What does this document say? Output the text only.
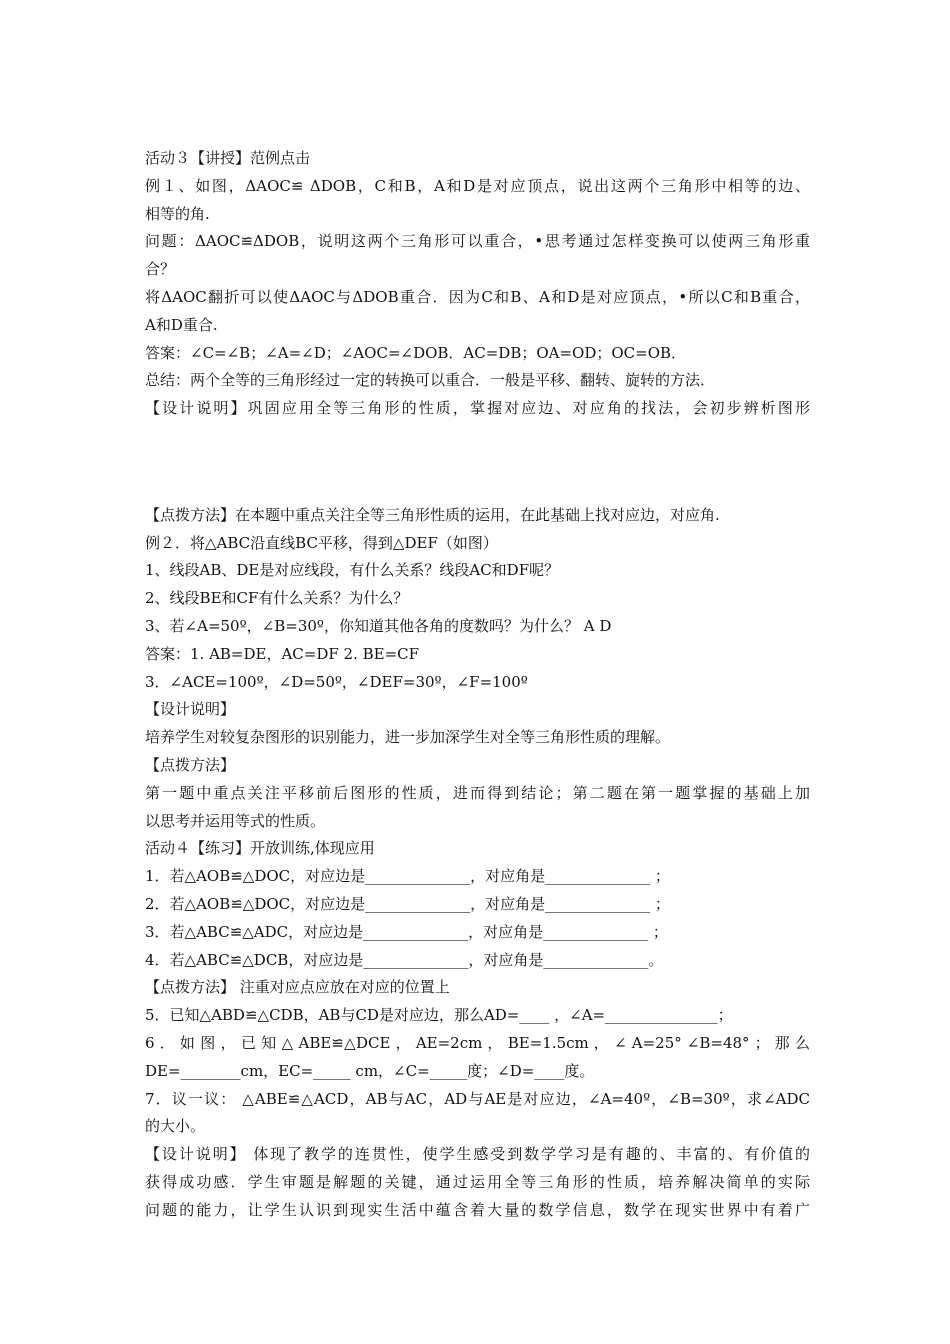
活动３【讲授】范例点击
例１、如图，ΔAOC≌ ΔDOB，C和B，A和D是对应顶点，说出这两个三角形中相等的边、
相等的角.
问题：ΔAOC≌ΔDOB，说明这两个三角形可以重合，•思考通过怎样变换可以使两三角形重
合？
将ΔAOC翻折可以使ΔAOC与ΔDOB重合．因为C和B、A和D是对应顶点，•所以C和B重合，
A和D重合.
答案：∠C=∠B；∠A=∠D；∠AOC=∠DOB．AC=DB；OA=OD；OC=OB．
总结：两个全等的三角形经过一定的转换可以重合．一般是平移、翻转、旋转的方法．
【设计说明】巩固应用全等三角形的性质，掌握对应边、对应角的找法，会初步辨析图形
【点拨方法】在本题中重点关注全等三角形性质的运用，在此基础上找对应边，对应角.
例２．将△ABC沿直线BC平移，得到△DEF（如图）
1、线段AB、DE是对应线段，有什么关系？线段AC和DF呢？
2、线段BE和CF有什么关系？为什么？
3、若∠A=50º，∠B=30º，你知道其他各角的度数吗？为什么？ A D
答案：1. AB=DE，AC=DF 2. BE=CF
3．∠ACE=100º，∠D=50º，∠DEF=30º，∠F=100º
【设计说明】
培养学生对较复杂图形的识别能力，进一步加深学生对全等三角形性质的理解。
【点拨方法】
第一题中重点关注平移前后图形的性质，进而得到结论；第二题在第一题掌握的基础上加
以思考并运用等式的性质。
活动４【练习】开放训练,体现应用
1．若△AOB≌△DOC，对应边是______________，对应角是______________ ；
2．若△AOB≌△DOC，对应边是______________，对应角是______________ ；
3．若△ABC≌△ADC，对应边是______________，对应角是______________ ；
4．若△ABC≌△DCB，对应边是______________，对应角是______________。
【点拨方法】 注重对应点应放在对应的位置上
5．已知△ABD≌△CDB，AB与CD是对应边，那么AD=____ ，∠A=_______________；
6 ． 如 图 ， 已 知 △ ABE≌△DCE ， AE=2cm ， BE=1.5cm ， ∠ A=25° ∠B=48° ； 那 么
DE=________cm，EC=_____ cm，∠C=_____度；∠D=____度。
7．议一议： △ABE≌△ACD，AB与AC，AD与AE是对应边，∠A=40º，∠B=30º，求∠ADC
的大小。
【设计说明】 体现了教学的连贯性，使学生感受到数学学习是有趣的、丰富的、有价值的
获得成功感．学生审题是解题的关键，通过运用全等三角形的性质，培养解决简单的实际
问题的能力，让学生认识到现实生活中蕴含着大量的数学信息，数学在现实世界中有着广
